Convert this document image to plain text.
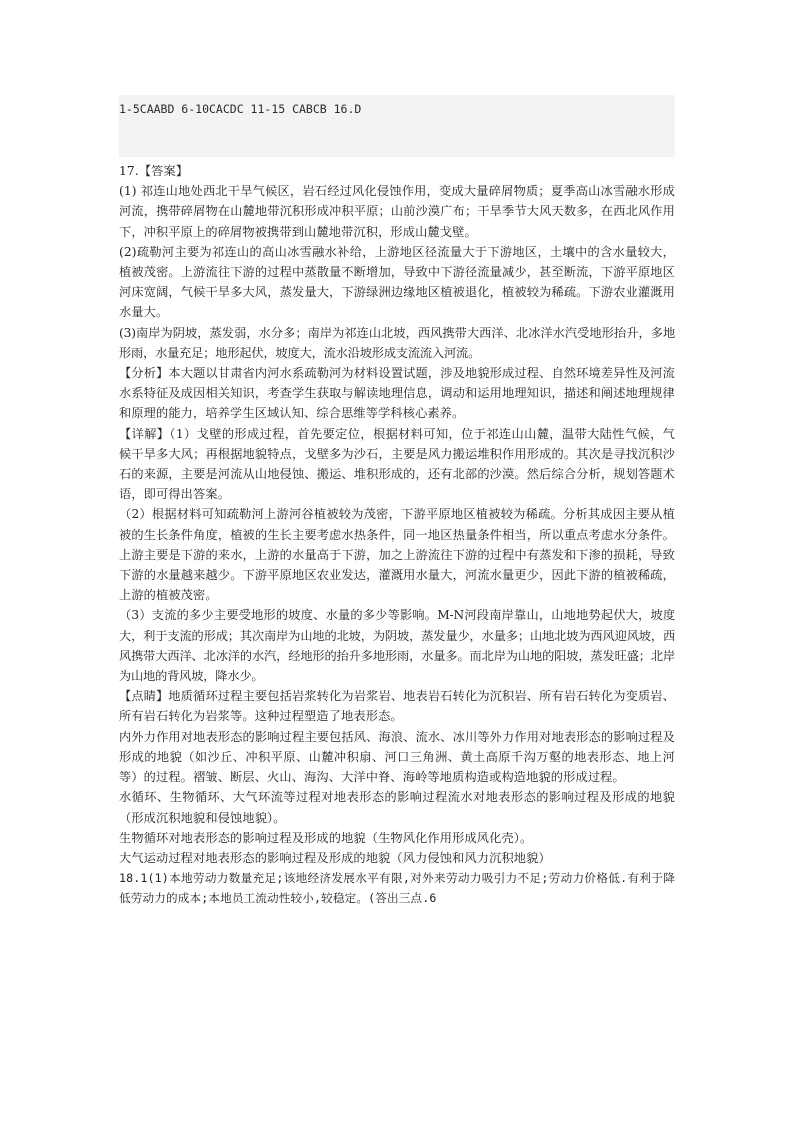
1-5CAABD 6-10CACDC 11-15 CABCB 16.D

17.【答案】

(1) 祁连山地处西北干旱气候区，岩石经过风化侵蚀作用，变成大量碎屑物质；夏季高山冰雪融水形成河流，携带碎屑物在山麓地带沉积形成冲积平原；山前沙漠广布；干旱季节大风天数多，在西北风作用下，冲积平原上的碎屑物被携带到山麓地带沉积，形成山麓戈壁。

(2)疏勒河主要为祁连山的高山冰雪融水补给，上游地区径流量大于下游地区，土壤中的含水量较大，植被茂密。上游流往下游的过程中蒸散量不断增加，导致中下游径流量减少，甚至断流，下游平原地区河床宽阔，气候干旱多大风，蒸发量大，下游绿洲边缘地区植被退化，植被较为稀疏。下游农业灌溉用水量大。

(3)南岸为阴坡，蒸发弱，水分多；南岸为祁连山北坡，西风携带大西洋、北冰洋水汽受地形抬升，多地形雨，水量充足；地形起伏，坡度大，流水沿坡形成支流流入河流。

【分析】本大题以甘肃省内河水系疏勒河为材料设置试题，涉及地貌形成过程、自然环境差异性及河流水系特征及成因相关知识，考查学生获取与解读地理信息，调动和运用地理知识，描述和阐述地理规律和原理的能力，培养学生区域认知、综合思维等学科核心素养。

【详解】（1）戈壁的形成过程，首先要定位，根据材料可知，位于祁连山山麓，温带大陆性气候，气候干旱多大风；再根据地貌特点，戈壁多为沙石，主要是风力搬运堆积作用形成的。其次是寻找沉积沙石的来源，主要是河流从山地侵蚀、搬运、堆积形成的，还有北部的沙漠。然后综合分析，规划答题术语，即可得出答案。

（2）根据材料可知疏勒河上游河谷植被较为茂密，下游平原地区植被较为稀疏。分析其成因主要从植被的生长条件角度，植被的生长主要考虑水热条件，同一地区热量条件相当，所以重点考虑水分条件。上游主要是下游的来水，上游的水量高于下游，加之上游流往下游的过程中有蒸发和下渗的损耗，导致下游的水量越来越少。下游平原地区农业发达，灌溉用水量大，河流水量更少，因此下游的植被稀疏，上游的植被茂密。

（3）支流的多少主要受地形的坡度、水量的多少等影响。M-N河段南岸靠山，山地地势起伏大，坡度大，利于支流的形成；其次南岸为山地的北坡，为阴坡，蒸发量少，水量多；山地北坡为西风迎风坡，西风携带大西洋、北冰洋的水汽，经地形的抬升多地形雨，水量多。而北岸为山地的阳坡，蒸发旺盛；北岸为山地的背风坡，降水少。

【点睛】地质循环过程主要包括岩浆转化为岩浆岩、地表岩石转化为沉积岩、所有岩石转化为变质岩、所有岩石转化为岩浆等。这种过程塑造了地表形态。

内外力作用对地表形态的影响过程主要包括风、海浪、流水、冰川等外力作用对地表形态的影响过程及形成的地貌（如沙丘、冲积平原、山麓冲积扇、河口三角洲、黄土高原千沟万壑的地表形态、地上河等）的过程。褶皱、断层、火山、海沟、大洋中脊、海岭等地质构造或构造地貌的形成过程。

水循环、生物循环、大气环流等过程对地表形态的影响过程流水对地表形态的影响过程及形成的地貌（形成沉积地貌和侵蚀地貌）。

生物循环对地表形态的影响过程及形成的地貌（生物风化作用形成风化壳）。

大气运动过程对地表形态的影响过程及形成的地貌（风力侵蚀和风力沉积地貌）

18.1(1)本地劳动力数量充足;该地经济发展水平有限,对外来劳动力吸引力不足;劳动力价格低.有利于降低劳动力的成本;本地员工流动性较小,较稳定。(答出三点.6
